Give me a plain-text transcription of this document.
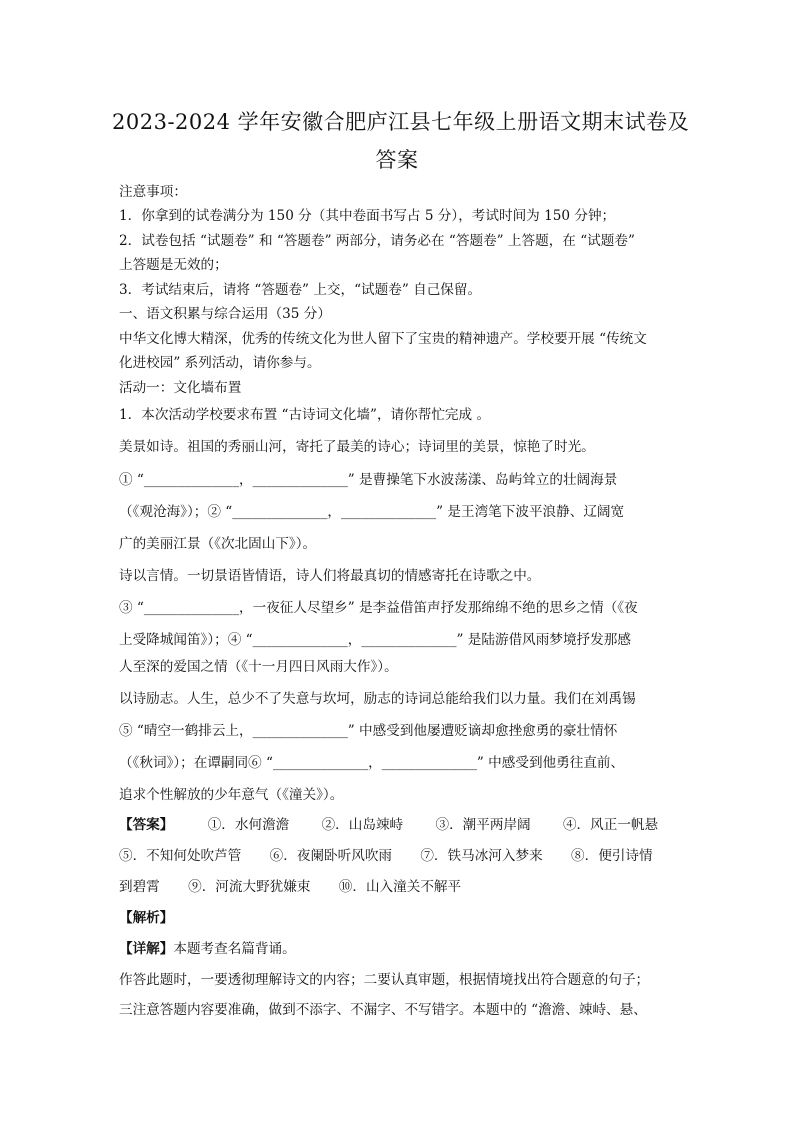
2023-2024 学年安徽合肥庐江县七年级上册语文期末试卷及
答案
注意事项：
1．你拿到的试卷满分为 150 分（其中卷面书写占 5 分），考试时间为 150 分钟；
2．试卷包括 “试题卷” 和 “答题卷” 两部分，请务必在 “答题卷” 上答题，在 “试题卷”
上答题是无效的；
3．考试结束后，请将 “答题卷” 上交，“试题卷” 自己保留。
一、语文积累与综合运用（35 分）
中华文化博大精深，优秀的传统文化为世人留下了宝贵的精神遗产。学校要开展 “传统文
化进校园” 系列活动，请你参与。
活动一：文化墙布置
1．本次活动学校要求布置 “古诗词文化墙”，请你帮忙完成 。
美景如诗。祖国的秀丽山河，寄托了最美的诗心；诗词里的美景，惊艳了时光。
① “______________，______________” 是曹操笔下水波荡漾、岛屿耸立的壮阔海景
（《观沧海》）；② “______________，______________” 是王湾笔下波平浪静、辽阔宽
广的美丽江景（《次北固山下》）。
诗以言情。一切景语皆情语，诗人们将最真切的情感寄托在诗歌之中。
③ “______________，一夜征人尽望乡” 是李益借笛声抒发那绵绵不绝的思乡之情（《夜
上受降城闻笛》）；④ “______________，______________” 是陆游借风雨梦境抒发那感
人至深的爱国之情（《十一月四日风雨大作》）。
以诗励志。人生，总少不了失意与坎坷，励志的诗词总能给我们以力量。我们在刘禹锡
⑤ “晴空一鹤排云上，______________” 中感受到他屡遭贬谪却愈挫愈勇的豪壮情怀
（《秋词》）；在谭嗣同⑥ “______________，______________” 中感受到他勇往直前、
追求个性解放的少年意气（《潼关》）。
【答案】	①．水何澹澹 ②．山岛竦峙 ③．潮平两岸阔 ④．风正一帆悬
⑤．不知何处吹芦管 ⑥．夜阑卧听风吹雨 ⑦．铁马冰河入梦来 ⑧．便引诗情
到碧霄 ⑨．河流大野犹嫌束 ⑩．山入潼关不解平
【解析】
【详解】本题考查名篇背诵。
作答此题时，一要透彻理解诗文的内容；二要认真审题，根据情境找出符合题意的句子；
三注意答题内容要准确，做到不添字、不漏字、不写错字。本题中的 “澹澹、竦峙、悬、
